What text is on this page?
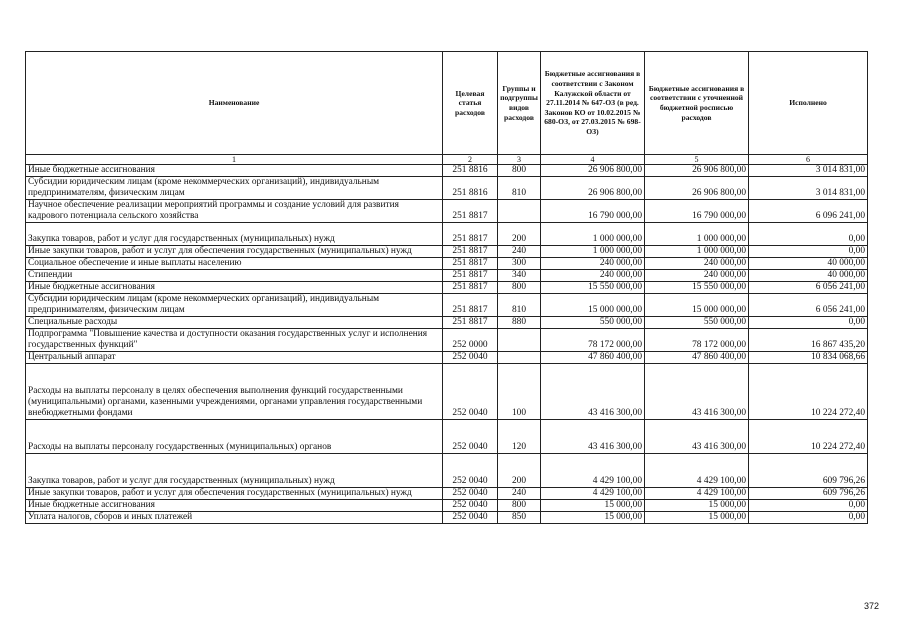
Наименование	Целевая статья расходов	Группы и подгруппы видов расходов	Бюджетные ассигнования в соответствии с Законом Калужской области от 27.11.2014 № 647-ОЗ (в ред. Законов КО от 10.02.2015 № 680-ОЗ, от 27.03.2015 № 698-ОЗ)	Бюджетные ассигнования в соответствии с уточненной бюджетной росписью расходов	Исполнено
1	2	3	4	5	6
Иные бюджетные ассигнования	251 8816	800	26 906 800,00	26 906 800,00	3 014 831,00
Субсидии юридическим лицам (кроме некоммерческих организаций), индивидуальным предпринимателям, физическим лицам	251 8816	810	26 906 800,00	26 906 800,00	3 014 831,00
Научное обеспечение реализации мероприятий программы и создание условий для развития кадрового потенциала сельского хозяйства	251 8817		16 790 000,00	16 790 000,00	6 096 241,00
Закупка товаров, работ и услуг для государственных (муниципальных) нужд	251 8817	200	1 000 000,00	1 000 000,00	0,00
Иные закупки товаров, работ и услуг для обеспечения государственных (муниципальных) нужд	251 8817	240	1 000 000,00	1 000 000,00	0,00
Социальное обеспечение и иные выплаты населению	251 8817	300	240 000,00	240 000,00	40 000,00
Стипендии	251 8817	340	240 000,00	240 000,00	40 000,00
Иные бюджетные ассигнования	251 8817	800	15 550 000,00	15 550 000,00	6 056 241,00
Субсидии юридическим лицам (кроме некоммерческих организаций), индивидуальным предпринимателям, физическим лицам	251 8817	810	15 000 000,00	15 000 000,00	6 056 241,00
Специальные расходы	251 8817	880	550 000,00	550 000,00	0,00
Подпрограмма "Повышение качества и доступности оказания государственных услуг и исполнения государственных функций"	252 0000		78 172 000,00	78 172 000,00	16 867 435,20
Центральный аппарат	252 0040		47 860 400,00	47 860 400,00	10 834 068,66
Расходы на выплаты персоналу в целях обеспечения выполнения функций государственными (муниципальными) органами, казенными учреждениями, органами управления государственными внебюджетными фондами	252 0040	100	43 416 300,00	43 416 300,00	10 224 272,40
Расходы на выплаты персоналу государственных (муниципальных) органов	252 0040	120	43 416 300,00	43 416 300,00	10 224 272,40
Закупка товаров, работ и услуг для государственных (муниципальных) нужд	252 0040	200	4 429 100,00	4 429 100,00	609 796,26
Иные закупки товаров, работ и услуг для обеспечения государственных (муниципальных) нужд	252 0040	240	4 429 100,00	4 429 100,00	609 796,26
Иные бюджетные ассигнования	252 0040	800	15 000,00	15 000,00	0,00
Уплата налогов, сборов и иных платежей	252 0040	850	15 000,00	15 000,00	0,00
372
